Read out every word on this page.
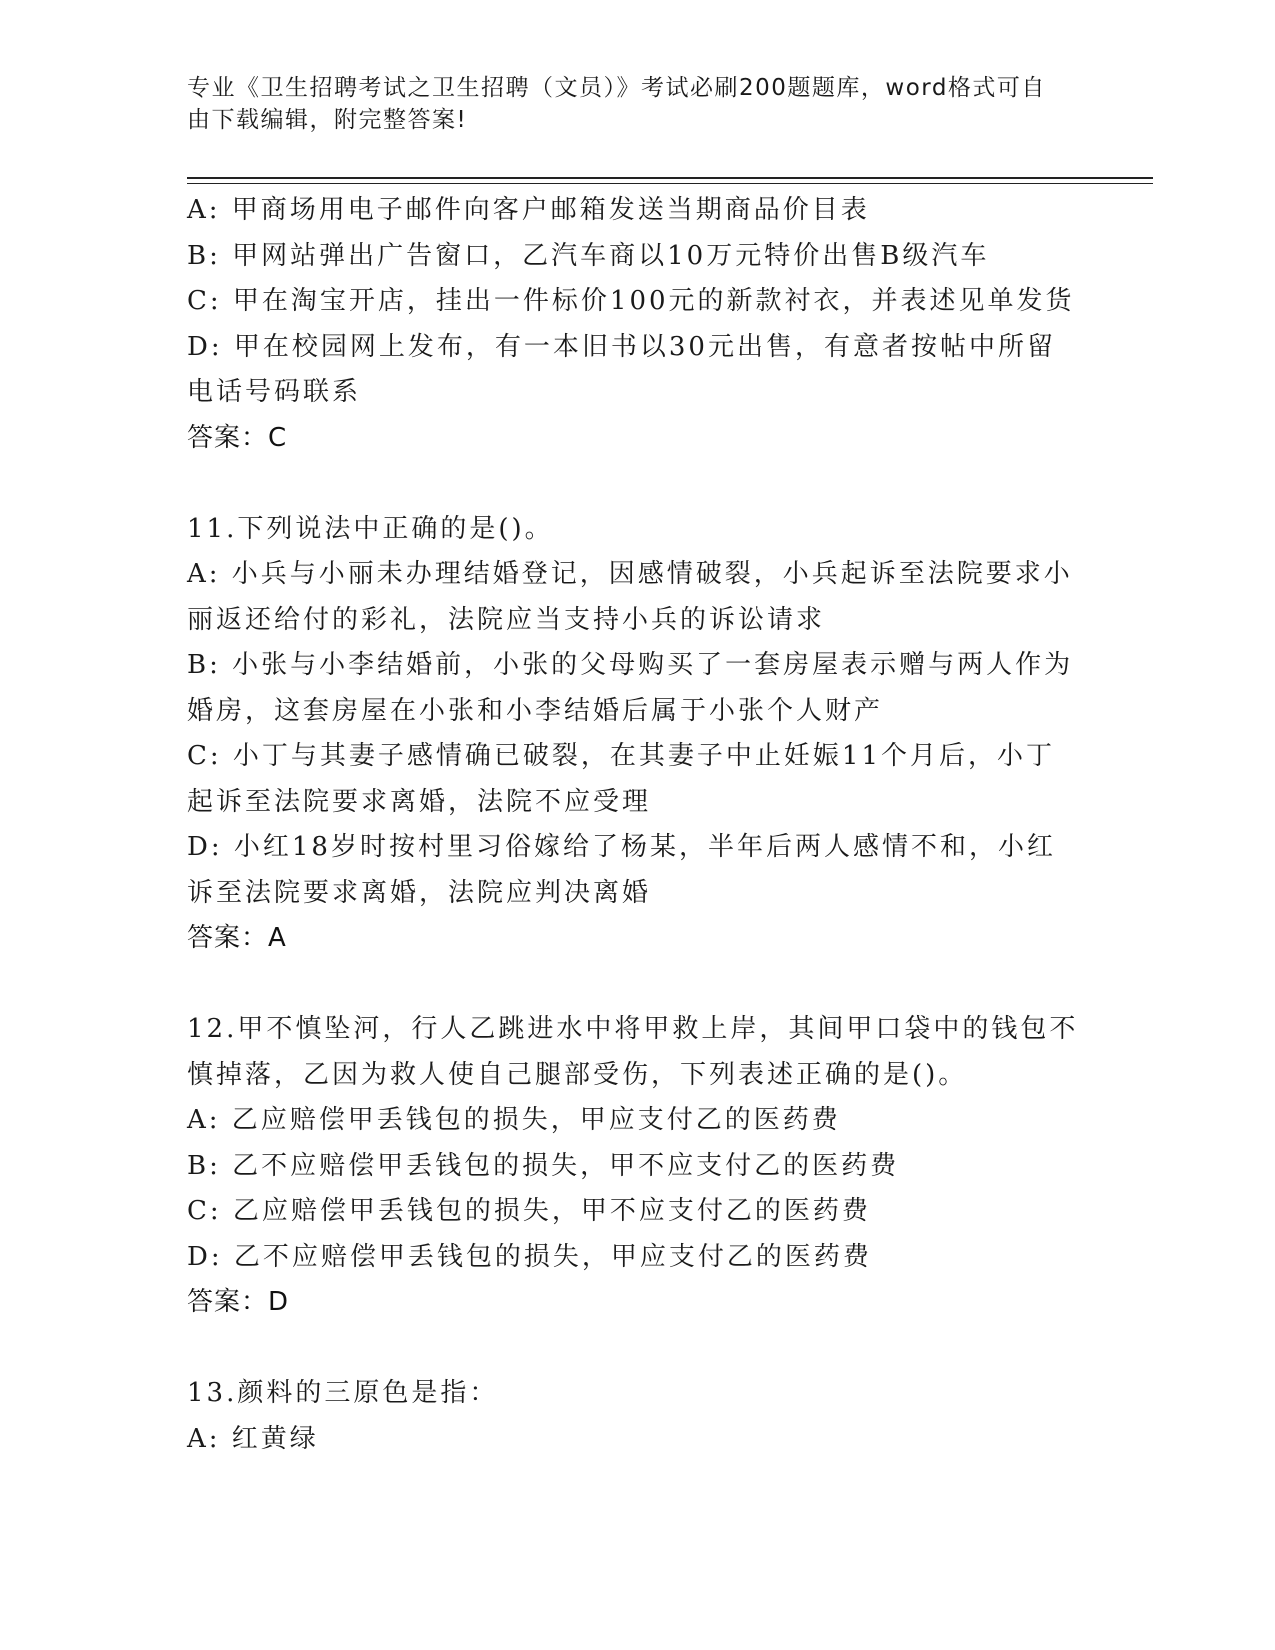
专业《卫生招聘考试之卫生招聘（文员）》考试必刷200题题库，word格式可自
由下载编辑，附完整答案!
A: 甲商场用电子邮件向客户邮箱发送当期商品价目表
B: 甲网站弹出广告窗口，乙汽车商以10万元特价出售B级汽车
C: 甲在淘宝开店，挂出一件标价100元的新款衬衣，并表述见单发货
D: 甲在校园网上发布，有一本旧书以30元出售，有意者按帖中所留
电话号码联系
答案：C
11.下列说法中正确的是()。
A: 小兵与小丽未办理结婚登记，因感情破裂，小兵起诉至法院要求小
丽返还给付的彩礼，法院应当支持小兵的诉讼请求
B: 小张与小李结婚前，小张的父母购买了一套房屋表示赠与两人作为
婚房，这套房屋在小张和小李结婚后属于小张个人财产
C: 小丁与其妻子感情确已破裂，在其妻子中止妊娠11个月后，小丁
起诉至法院要求离婚，法院不应受理
D: 小红18岁时按村里习俗嫁给了杨某，半年后两人感情不和，小红
诉至法院要求离婚，法院应判决离婚
答案：A
12.甲不慎坠河，行人乙跳进水中将甲救上岸，其间甲口袋中的钱包不
慎掉落，乙因为救人使自己腿部受伤，下列表述正确的是()。
A: 乙应赔偿甲丢钱包的损失，甲应支付乙的医药费
B: 乙不应赔偿甲丢钱包的损失，甲不应支付乙的医药费
C: 乙应赔偿甲丢钱包的损失，甲不应支付乙的医药费
D: 乙不应赔偿甲丢钱包的损失，甲应支付乙的医药费
答案：D
13.颜料的三原色是指：
A: 红黄绿
